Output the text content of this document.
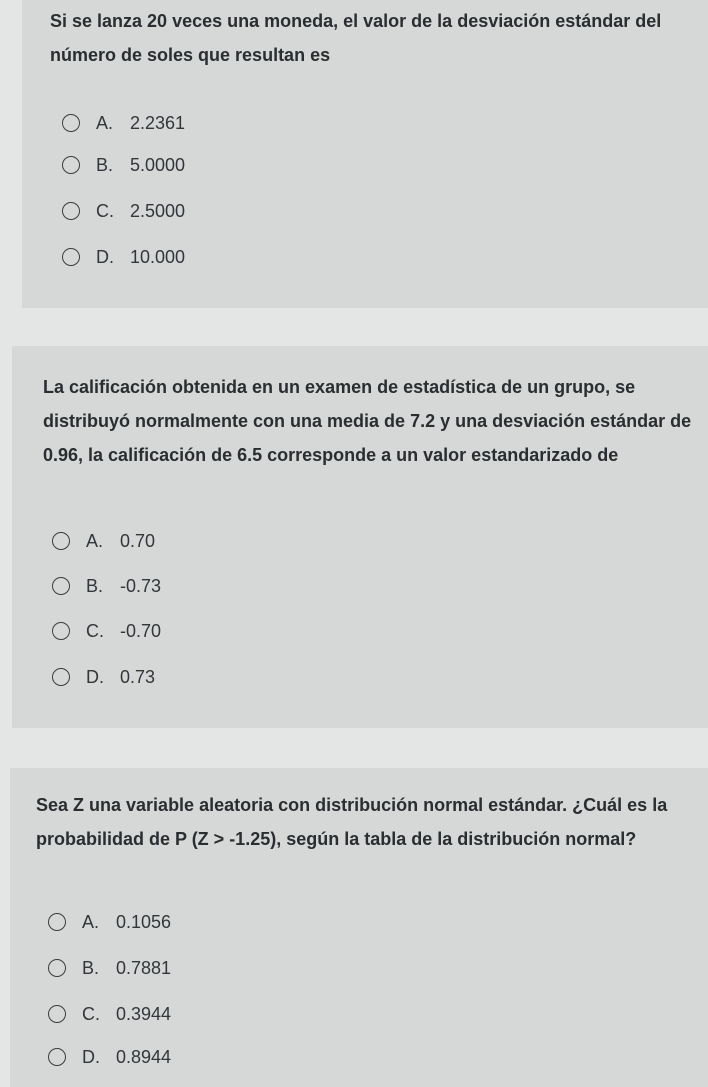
Si se lanza 20 veces una moneda, el valor de la desviación estándar del número de soles que resultan es

A. 2.2361
B. 5.0000
C. 2.5000
D. 10.000

La calificación obtenida en un examen de estadística de un grupo, se distribuyó normalmente con una media de 7.2 y una desviación estándar de 0.96, la calificación de 6.5 corresponde a un valor estandarizado de

A. 0.70
B. -0.73
C. -0.70
D. 0.73

Sea Z una variable aleatoria con distribución normal estándar. ¿Cuál es la probabilidad de P (Z > -1.25), según la tabla de la distribución normal?

A. 0.1056
B. 0.7881
C. 0.3944
D. 0.8944
